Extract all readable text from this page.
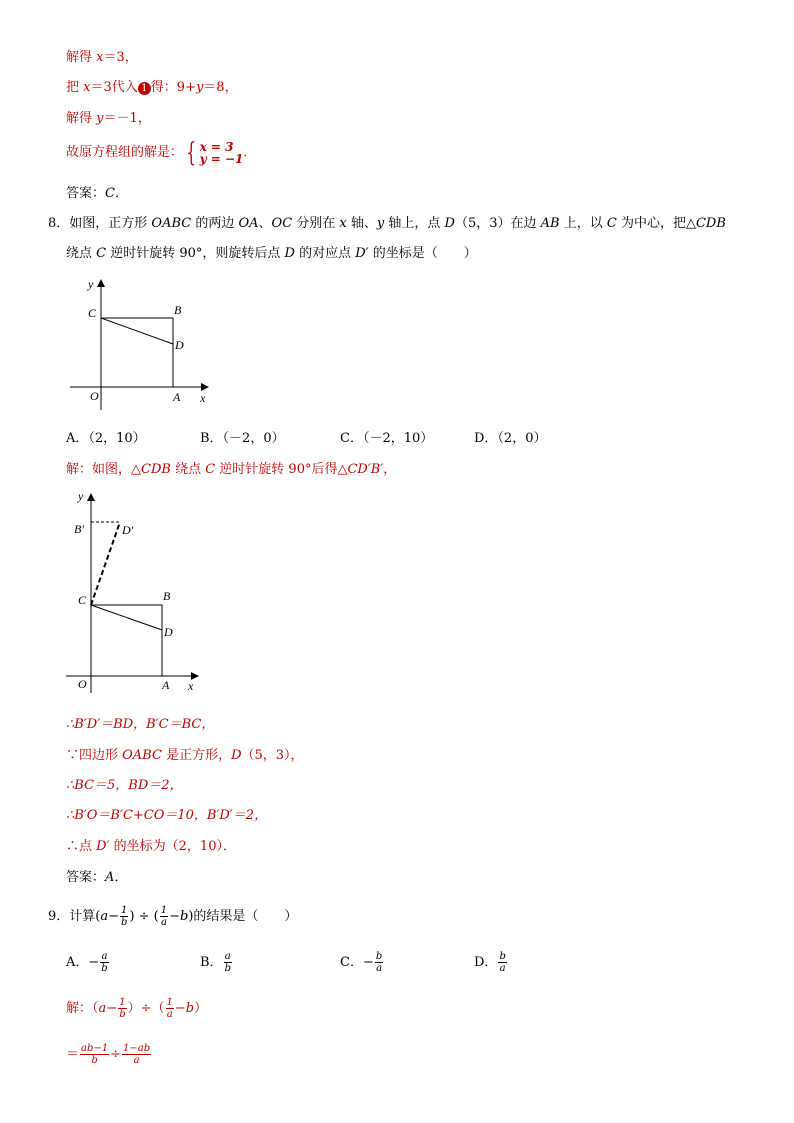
解得 x＝3，
把 x＝3代入 1 得：9+y＝8，
解得 y＝－1，
故原方程组的解是： { x = 3
y = −1 ．
答案：C．
8．如图，正方形 OABC 的两边 OA、OC 分别在 x 轴、y 轴上，点 D（5，3）在边 AB 上，以 C 为中心，把△CDB
绕点 C 逆时针旋转 90°，则旋转后点 D 的对应点 D′ 的坐标是（　　）
y
x
O	A
B
C
D
A．（2，10）	B．（－2，0）	C．（－2，10）	D．（2，0）
解：如图，△CDB 绕点 C 逆时针旋转 90°后得△CD′B′，
y
x
O	A
B
C
D
B′	D′
∴B′D′＝BD，B′C＝BC，
∵四边形 OABC 是正方形，D（5，3），
∴BC＝5，BD＝2，
∴B′O＝B′C+CO＝10，B′D′＝2，
∴点 D′ 的坐标为（2，10）．
答案：A．
9．计算($a- \frac{1}{b}$ ) ÷ ( $\frac{1}{a} -b$)的结果是（　　）
A．− $\frac{a}{b}$	B． $\frac{a}{b}$	C．− $\frac{b}{a}$	D． $\frac{b}{a}$
解：（$a- \frac{1}{b}$ ）÷（ $\frac{1}{a} -b$）
＝ $\frac{ab-1}{b} \div \frac{1-ab}{a}$
